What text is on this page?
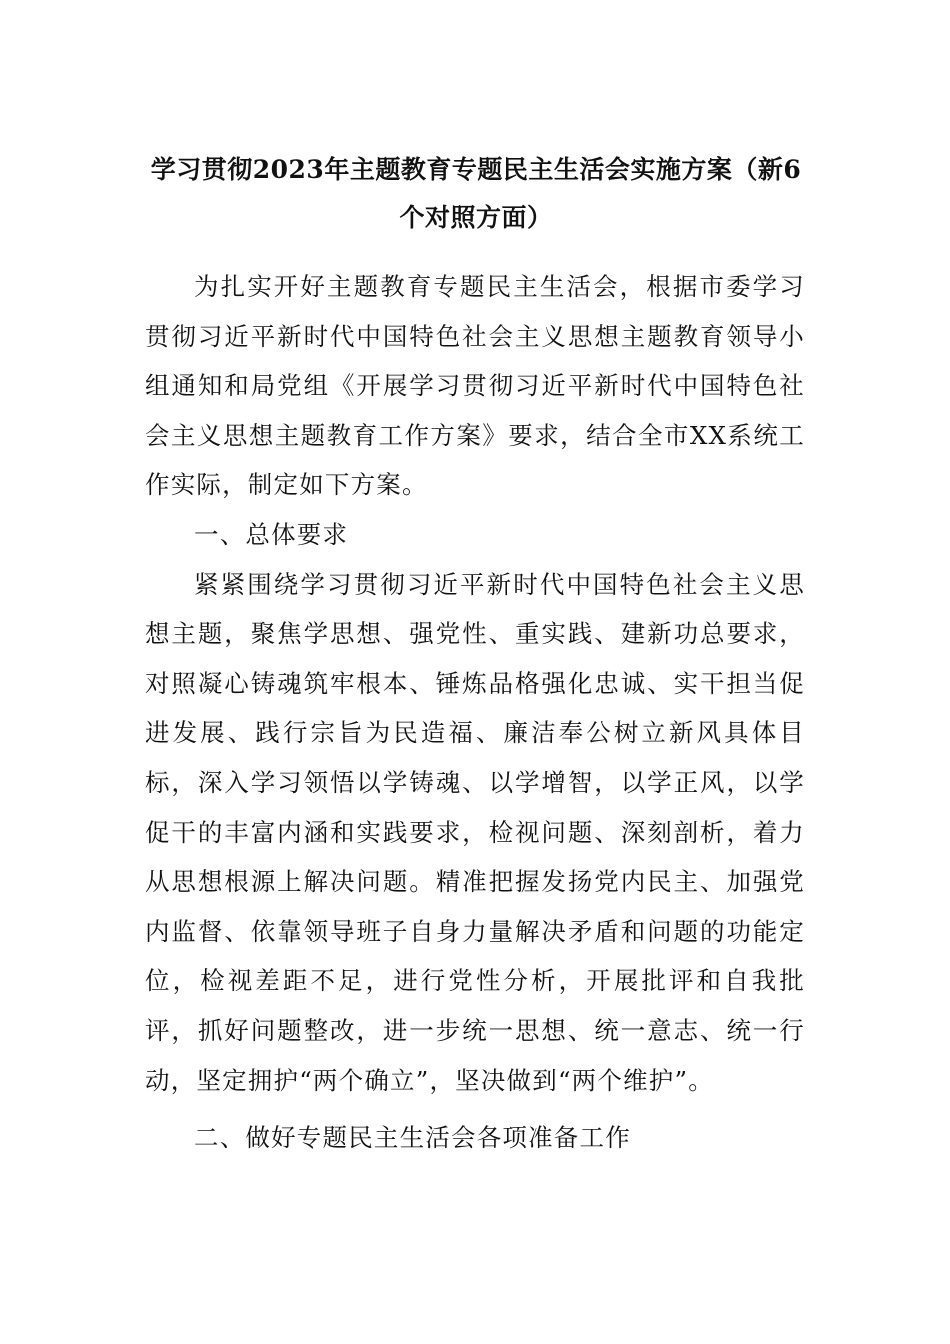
学习贯彻2023年主题教育专题民主生活会实施方案（新6个对照方面）

为扎实开好主题教育专题民主生活会，根据市委学习贯彻习近平新时代中国特色社会主义思想主题教育领导小组通知和局党组《开展学习贯彻习近平新时代中国特色社会主义思想主题教育工作方案》要求，结合全市XX系统工作实际，制定如下方案。

一、总体要求

紧紧围绕学习贯彻习近平新时代中国特色社会主义思想主题，聚焦学思想、强党性、重实践、建新功总要求，对照凝心铸魂筑牢根本、锤炼品格强化忠诚、实干担当促进发展、践行宗旨为民造福、廉洁奉公树立新风具体目标，深入学习领悟以学铸魂、以学增智，以学正风，以学促干的丰富内涵和实践要求，检视问题、深刻剖析，着力从思想根源上解决问题。精准把握发扬党内民主、加强党内监督、依靠领导班子自身力量解决矛盾和问题的功能定位，检视差距不足，进行党性分析，开展批评和自我批评，抓好问题整改，进一步统一思想、统一意志、统一行动，坚定拥护“两个确立”，坚决做到“两个维护”。

二、做好专题民主生活会各项准备工作
